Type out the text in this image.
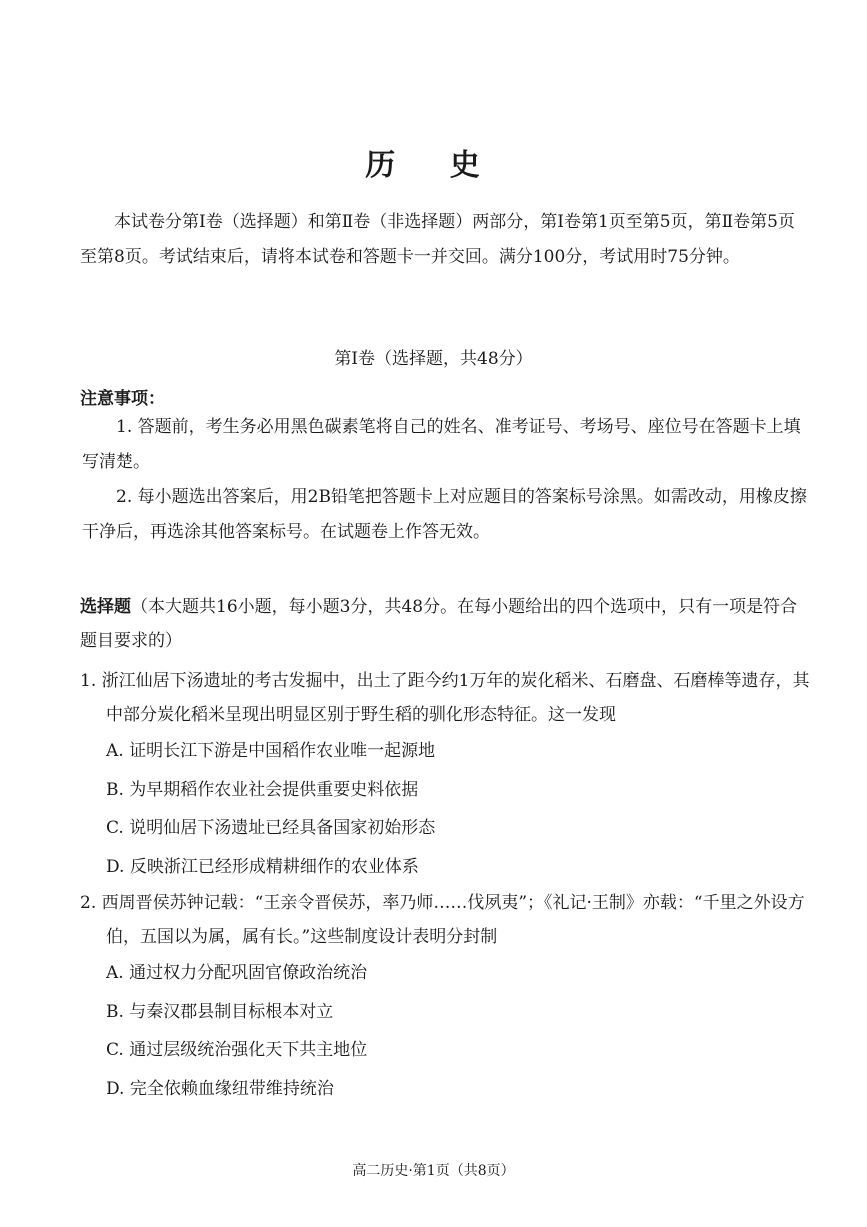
历 史
本试卷分第Ⅰ卷（选择题）和第Ⅱ卷（非选择题）两部分，第Ⅰ卷第1页至第5页，第Ⅱ卷第5页至第8页。考试结束后，请将本试卷和答题卡一并交回。满分100分，考试用时75分钟。
第Ⅰ卷（选择题，共48分）
注意事项：

1. 答题前，考生务必用黑色碳素笔将自己的姓名、准考证号、考场号、座位号在答题卡上填写清楚。

2. 每小题选出答案后，用2B铅笔把答题卡上对应题目的答案标号涂黑。如需改动，用橡皮擦干净后，再选涂其他答案标号。在试题卷上作答无效。

选择题（本大题共16小题，每小题3分，共48分。在每小题给出的四个选项中，只有一项是符合题目要求的）

1. 浙江仙居下汤遗址的考古发掘中，出土了距今约1万年的炭化稻米、石磨盘、石磨棒等遗存，其中部分炭化稻米呈现出明显区别于野生稻的驯化形态特征。这一发现

A. 证明长江下游是中国稻作农业唯一起源地

B. 为早期稻作农业社会提供重要史料依据

C. 说明仙居下汤遗址已经具备国家初始形态

D. 反映浙江已经形成精耕细作的农业体系

2. 西周晋侯苏钟记载：“王亲令晋侯苏，率乃师……伐夙夷”；《礼记·王制》亦载：“千里之外设方伯，五国以为属，属有长。”这些制度设计表明分封制

A. 通过权力分配巩固官僚政治统治

B. 与秦汉郡县制目标根本对立

C. 通过层级统治强化天下共主地位

D. 完全依赖血缘纽带维持统治

高二历史·第1页（共8页）
